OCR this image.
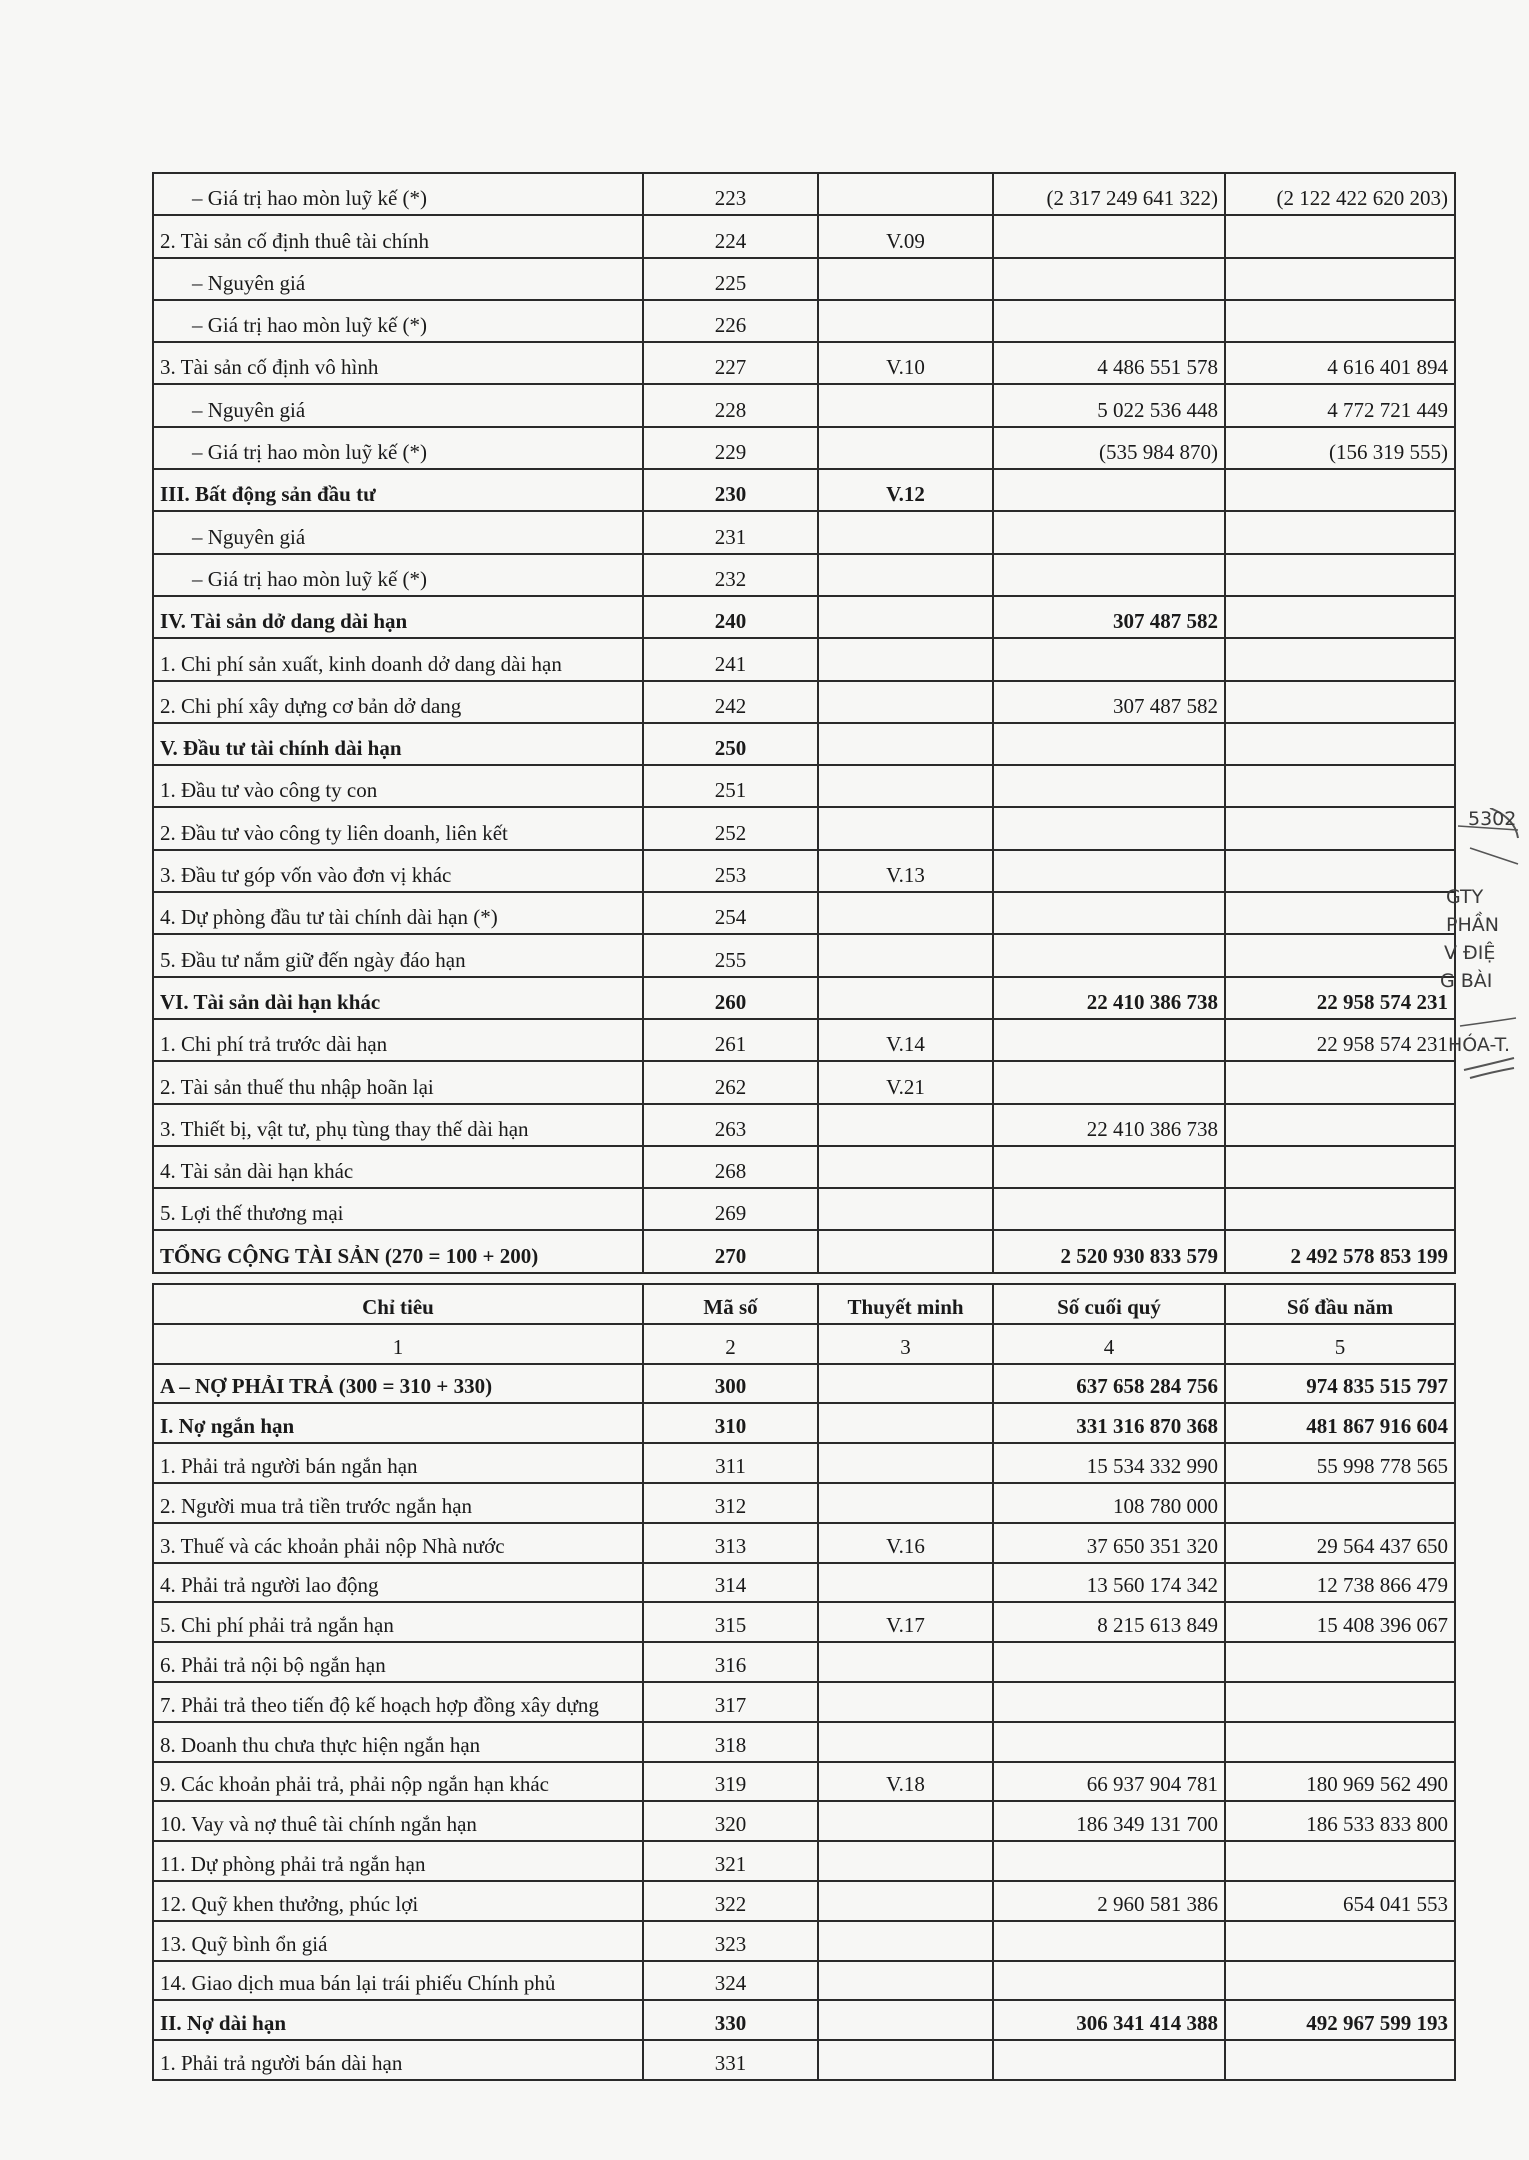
– Giá trị hao mòn luỹ kế (*)	223		(2 317 249 641 322)	(2 122 422 620 203)
2. Tài sản cố định thuê tài chính	224	V.09		
– Nguyên giá	225			
– Giá trị hao mòn luỹ kế (*)	226			
3. Tài sản cố định vô hình	227	V.10	4 486 551 578	4 616 401 894
– Nguyên giá	228		5 022 536 448	4 772 721 449
– Giá trị hao mòn luỹ kế (*)	229		(535 984 870)	(156 319 555)
III. Bất động sản đầu tư	230	V.12		
– Nguyên giá	231			
– Giá trị hao mòn luỹ kế (*)	232			
IV. Tài sản dở dang dài hạn	240		307 487 582	
1. Chi phí sản xuất, kinh doanh dở dang dài hạn	241			
2. Chi phí xây dựng cơ bản dở dang	242		307 487 582	
V. Đầu tư tài chính dài hạn	250			
1. Đầu tư vào công ty con	251			
2. Đầu tư vào công ty liên doanh, liên kết	252			
3. Đầu tư góp vốn vào đơn vị khác	253	V.13		
4. Dự phòng đầu tư tài chính dài hạn (*)	254			
5. Đầu tư nắm giữ đến ngày đáo hạn	255			
VI. Tài sản dài hạn khác	260		22 410 386 738	22 958 574 231
1. Chi phí trả trước dài hạn	261	V.14		22 958 574 231
2. Tài sản thuế thu nhập hoãn lại	262	V.21		
3. Thiết bị, vật tư, phụ tùng thay thế dài hạn	263		22 410 386 738	
4. Tài sản dài hạn khác	268			
5. Lợi thế thương mại	269			
TỔNG CỘNG TÀI SẢN (270 = 100 + 200)	270		2 520 930 833 579	2 492 578 853 199
Chỉ tiêu	Mã số	Thuyết minh	Số cuối quý	Số đầu năm
1	2	3	4	5
A – NỢ PHẢI TRẢ (300 = 310 + 330)	300		637 658 284 756	974 835 515 797
I. Nợ ngắn hạn	310		331 316 870 368	481 867 916 604
1. Phải trả người bán ngắn hạn	311		15 534 332 990	55 998 778 565
2. Người mua trả tiền trước ngắn hạn	312		108 780 000	
3. Thuế và các khoản phải nộp Nhà nước	313	V.16	37 650 351 320	29 564 437 650
4. Phải trả người lao động	314		13 560 174 342	12 738 866 479
5. Chi phí phải trả ngắn hạn	315	V.17	8 215 613 849	15 408 396 067
6. Phải trả nội bộ ngắn hạn	316			
7. Phải trả theo tiến độ kế hoạch hợp đồng xây dựng	317			
8. Doanh thu chưa thực hiện ngắn hạn	318			
9. Các khoản phải trả, phải nộp ngắn hạn khác	319	V.18	66 937 904 781	180 969 562 490
10. Vay và nợ thuê tài chính ngắn hạn	320		186 349 131 700	186 533 833 800
11. Dự phòng phải trả ngắn hạn	321			
12. Quỹ khen thưởng, phúc lợi	322		2 960 581 386	654 041 553
13. Quỹ bình ổn giá	323			
14. Giao dịch mua bán lại trái phiếu Chính phủ	324			
II. Nợ dài hạn	330		306 341 414 388	492 967 599 193
1. Phải trả người bán dài hạn	331			
5302
GTY
PHẦN
V ĐIỆ
G BÀI
HÓA-T.
